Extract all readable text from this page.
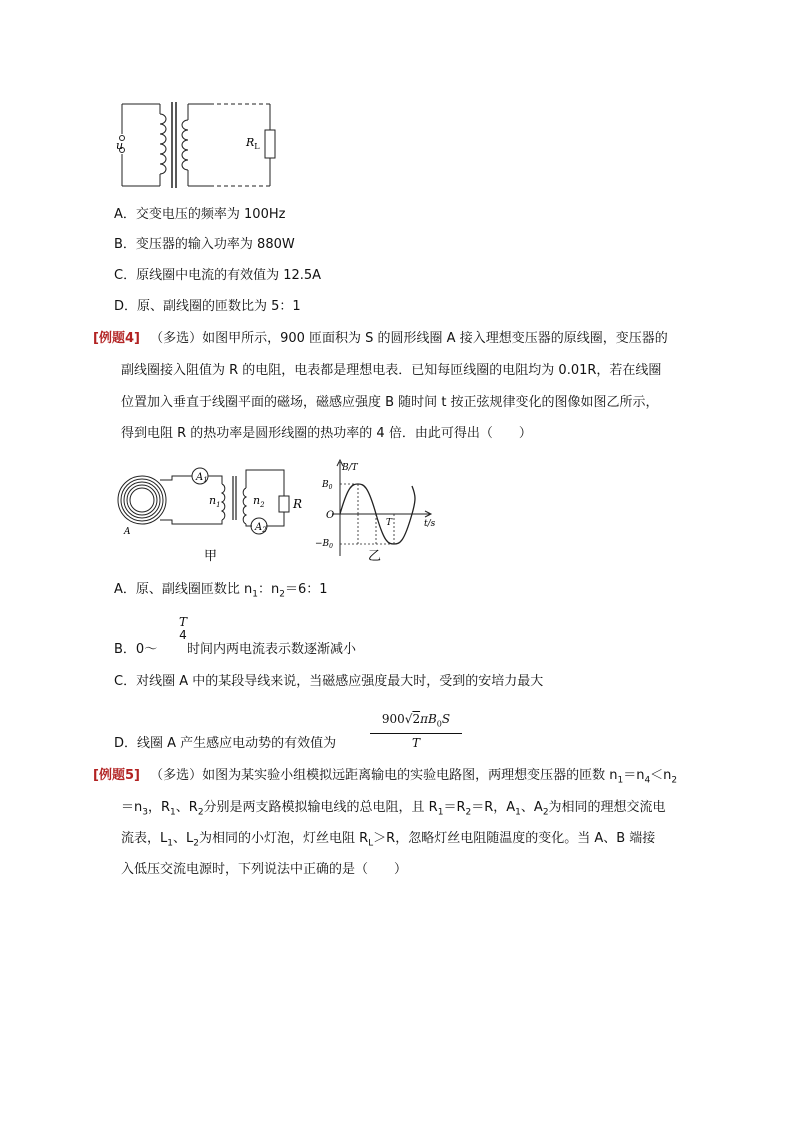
u	$R_L$
A．交变电压的频率为 100Hz
B．变压器的输入功率为 880W
C．原线圈中电流的有效值为 12.5A
D．原、副线圈的匝数比为 5：1
[例题4] （多选）如图甲所示，900 匝面积为 S 的圆形线圈 A 接入理想变压器的原线圈，变压器的
副线圈接入阻值为 R 的电阻，电表都是理想电表．已知每匝线圈的电阻均为 0.01R，若在线圈
位置加入垂直于线圈平面的磁场，磁感应强度 B 随时间 t 按正弦规律变化的图像如图乙所示，
得到电阻 R 的热功率是圆形线圈的热功率的 4 倍．由此可得出（　　）
$A_1$
$A_2$
$n_1$	$n_2$ R
A
甲
B/T
t/s
$B_0$
$-B_0$
O
T
乙
A．原、副线圈匝数比 $n_1$：$n_2=6$：1
T
4
B．0～ 时间内两电流表示数逐渐减小
C．对线圈 A 中的某段导线来说，当磁感应强度最大时，受到的安培力最大
D．线圈 A 产生感应电动势的有效值为
$900√2\pi B_0S$
T
[例题5] （多选）如图为某实验小组模拟远距离输电的实验电路图，两理想变压器的匝数 $n_1=n_4<n_2$
$=n_3$，$R_1$、$R_2$分别是两支路模拟输电线的总电阻，且 $R_1=R_2=R$，$A_1$、$A_2$为相同的理想交流电
流表，$L_1$、$L_2$为相同的小灯泡，灯丝电阻 $R_L>R$，忽略灯丝电阻随温度的变化。当 A、B 端接
入低压交流电源时，下列说法中正确的是（　　）
